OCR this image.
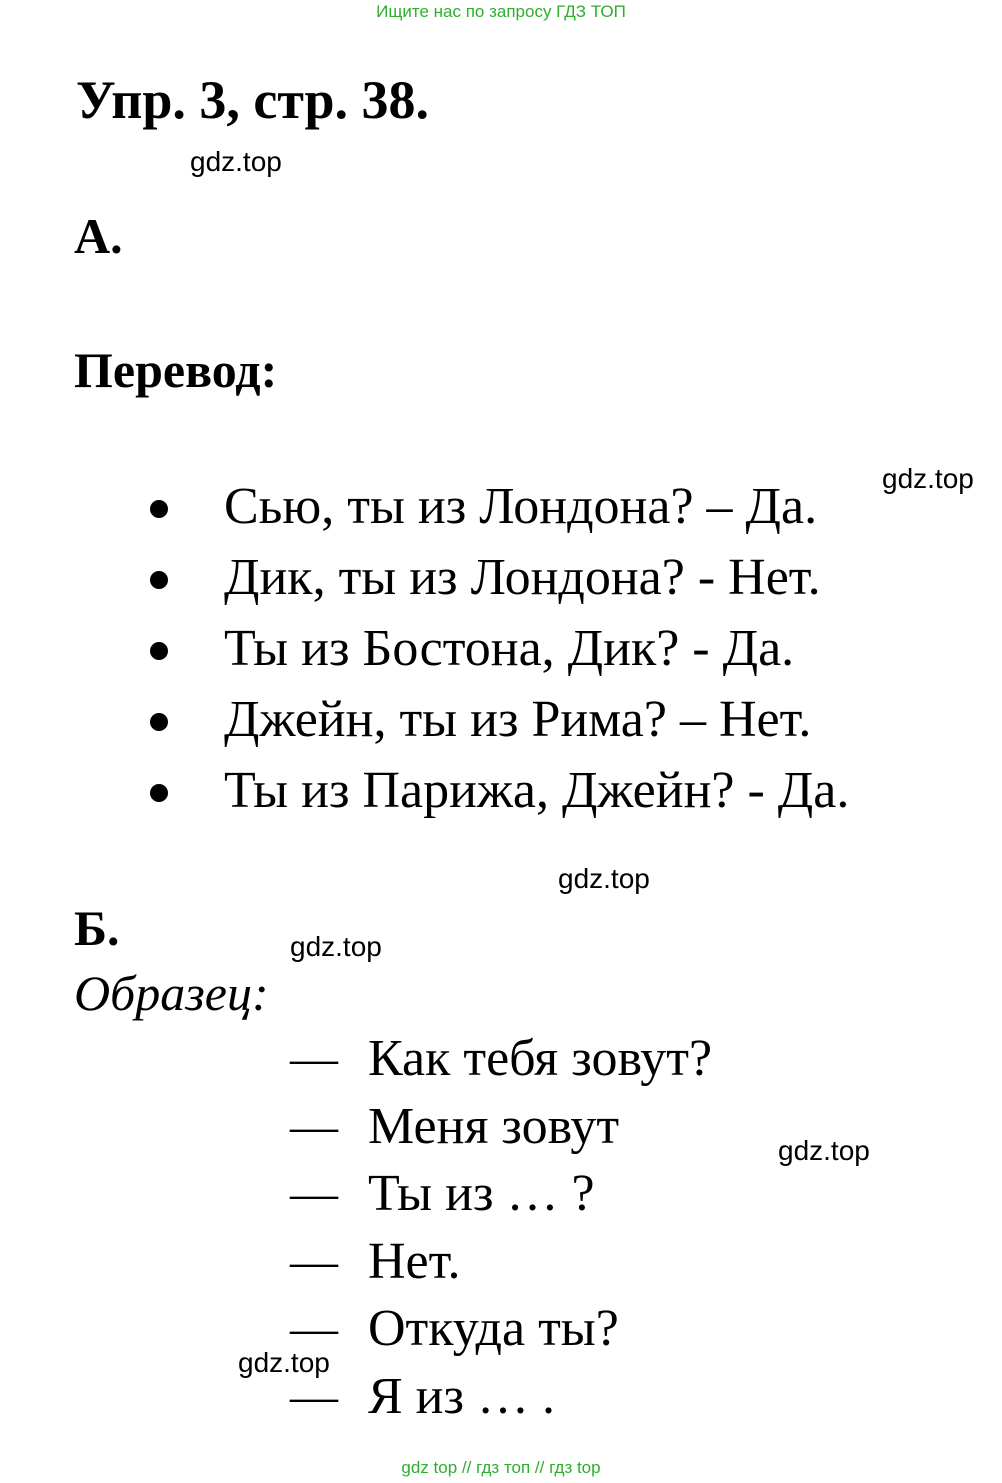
Ищите нас по запросу ГДЗ ТОП
Упр. 3, стр. 38.
gdz.top
А.
Перевод:
Сью, ты из Лондона? – Да.
Дик, ты из Лондона? - Нет.
Ты из Бостона, Дик? - Да.
Джейн, ты из Рима? – Нет.
Ты из Парижа, Джейн? - Да.
gdz.top
gdz.top
Б.	gdz.top
Образец:
— Как тебя зовут?
— Меня зовут
— Ты из … ?
— Нет.
— Откуда ты?
— Я из … .
gdz.top
gdz.top
gdz top // гдз топ // гдз top
